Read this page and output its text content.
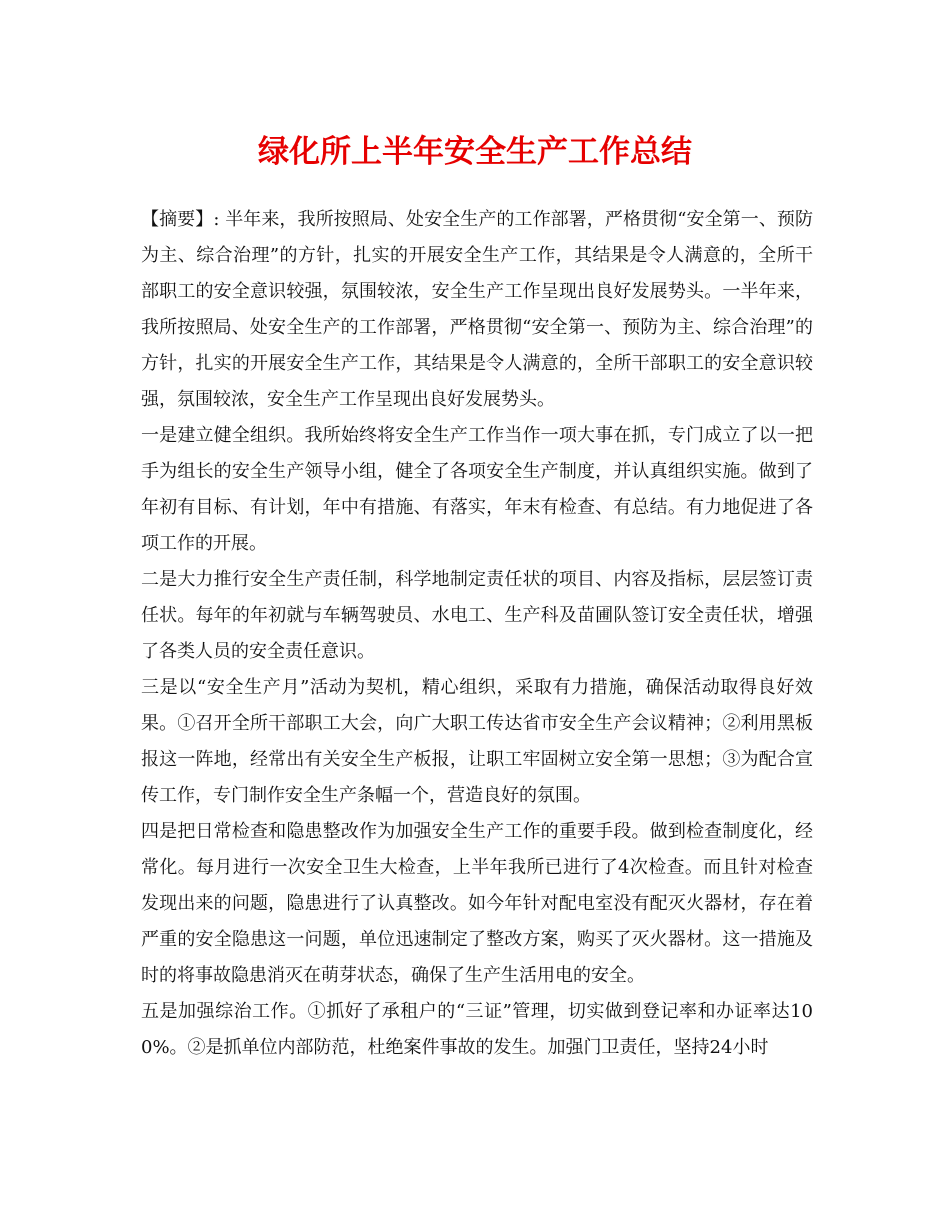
绿化所上半年安全生产工作总结

【摘要】: 半年来，我所按照局、处安全生产的工作部署，严格贯彻“安全第一、预防为主、综合治理”的方针，扎实的开展安全生产工作，其结果是令人满意的，全所干部职工的安全意识较强，氛围较浓，安全生产工作呈现出良好发展势头。一半年来，我所按照局、处安全生产的工作部署，严格贯彻“安全第一、预防为主、综合治理”的方针，扎实的开展安全生产工作，其结果是令人满意的，全所干部职工的安全意识较强，氛围较浓，安全生产工作呈现出良好发展势头。

一是建立健全组织。我所始终将安全生产工作当作一项大事在抓，专门成立了以一把手为组长的安全生产领导小组，健全了各项安全生产制度，并认真组织实施。做到了年初有目标、有计划，年中有措施、有落实，年末有检查、有总结。有力地促进了各项工作的开展。

二是大力推行安全生产责任制，科学地制定责任状的项目、内容及指标，层层签订责任状。每年的年初就与车辆驾驶员、水电工、生产科及苗圃队签订安全责任状，增强了各类人员的安全责任意识。

三是以“安全生产月”活动为契机，精心组织，采取有力措施，确保活动取得良好效果。①召开全所干部职工大会，向广大职工传达省市安全生产会议精神；②利用黑板报这一阵地，经常出有关安全生产板报，让职工牢固树立安全第一思想；③为配合宣传工作，专门制作安全生产条幅一个，营造良好的氛围。

四是把日常检查和隐患整改作为加强安全生产工作的重要手段。做到检查制度化，经常化。每月进行一次安全卫生大检查，上半年我所已进行了4次检查。而且针对检查发现出来的问题，隐患进行了认真整改。如今年针对配电室没有配灭火器材，存在着严重的安全隐患这一问题，单位迅速制定了整改方案，购买了灭火器材。这一措施及时的将事故隐患消灭在萌芽状态，确保了生产生活用电的安全。

五是加强综治工作。①抓好了承租户的“三证”管理，切实做到登记率和办证率达100%。②是抓单位内部防范，杜绝案件事故的发生。加强门卫责任，坚持24小时
